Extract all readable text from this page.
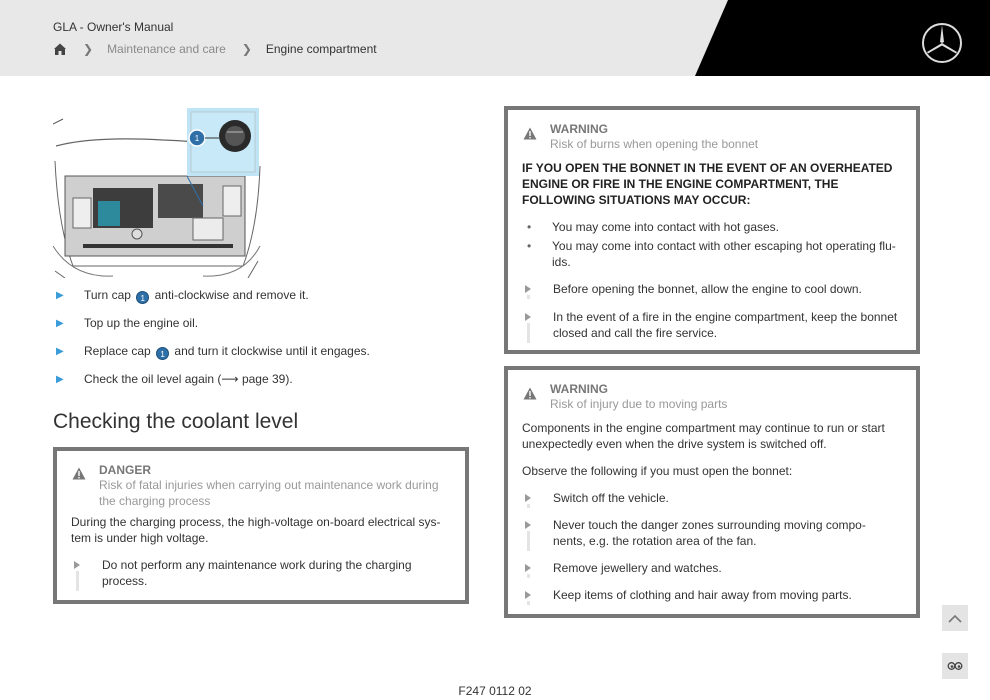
GLA - Owner's Manual
❯ Maintenance and care ❯ Engine compartment
1
▶	Turn cap 1 anti-clockwise and remove it.
▶	Top up the engine oil.
▶	Replace cap 1 and turn it clockwise until it engages.
▶	Check the oil level again (⟶ page 39).
Checking the coolant level
DANGER
Risk of fatal injuries when carrying out maintenance work during the charging process
During the charging process, the high-voltage on-board electrical sys-tem is under high voltage.
Do not perform any maintenance work during the charging process.
WARNING
Risk of burns when opening the bonnet
IF YOU OPEN THE BONNET IN THE EVENT OF AN OVERHEATED ENGINE OR FIRE IN THE ENGINE COMPARTMENT, THE FOLLOWING SITUATIONS MAY OCCUR:
• You may come into contact with hot gases.
• You may come into contact with other escaping hot operating flu-ids.
Before opening the bonnet, allow the engine to cool down.
In the event of a fire in the engine compartment, keep the bonnet closed and call the fire service.
WARNING
Risk of injury due to moving parts
Components in the engine compartment may continue to run or start unexpectedly even when the drive system is switched off.
Observe the following if you must open the bonnet:
Switch off the vehicle.
Never touch the danger zones surrounding moving compo-nents, e.g. the rotation area of the fan.
Remove jewellery and watches.
Keep items of clothing and hair away from moving parts.
F247 0112 02
